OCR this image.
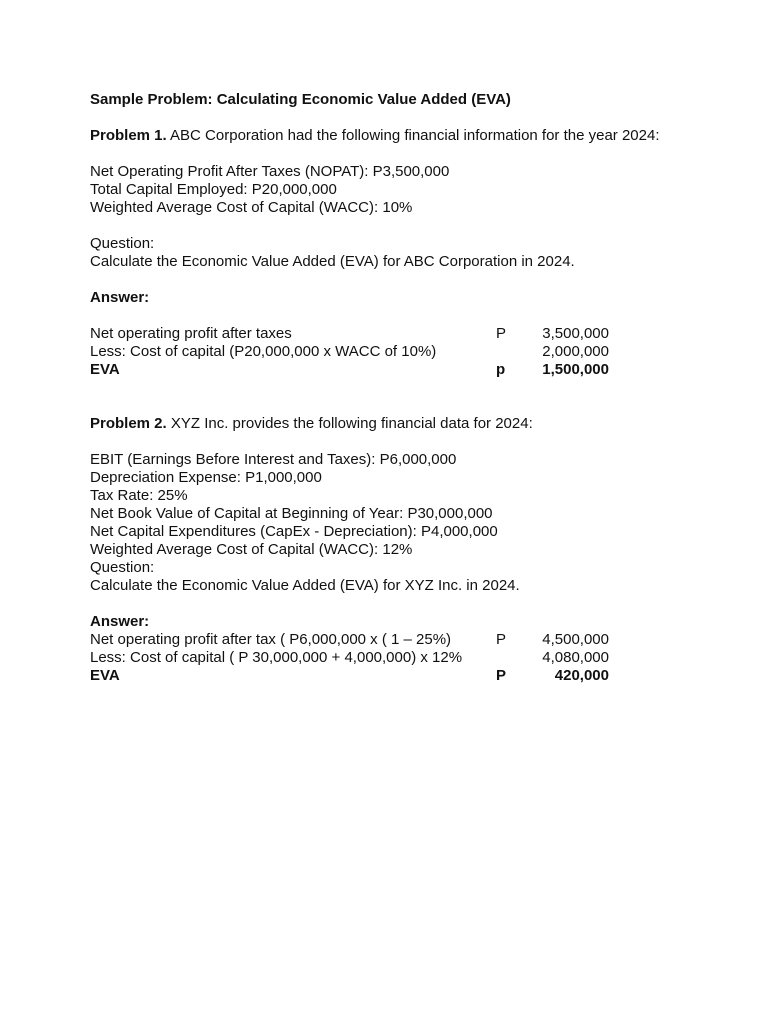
Sample Problem: Calculating Economic Value Added (EVA)
Problem 1. ABC Corporation had the following financial information for the year 2024:
Net Operating Profit After Taxes (NOPAT): P3,500,000
Total Capital Employed: P20,000,000
Weighted Average Cost of Capital (WACC): 10%
Question:
Calculate the Economic Value Added (EVA) for ABC Corporation in 2024.
Answer:
Net operating profit after taxes	P 3,500,000
Less: Cost of capital (P20,000,000 x WACC of 10%)	2,000,000
EVA	p 1,500,000
Problem 2. XYZ Inc. provides the following financial data for 2024:
EBIT (Earnings Before Interest and Taxes): P6,000,000
Depreciation Expense: P1,000,000
Tax Rate: 25%
Net Book Value of Capital at Beginning of Year: P30,000,000
Net Capital Expenditures (CapEx - Depreciation): P4,000,000
Weighted Average Cost of Capital (WACC): 12%
Question:
Calculate the Economic Value Added (EVA) for XYZ Inc. in 2024.
Answer:
Net operating profit after tax ( P6,000,000 x ( 1 – 25%)	P 4,500,000
Less: Cost of capital ( P 30,000,000 + 4,000,000) x 12%	4,080,000
EVA	P	420,000
